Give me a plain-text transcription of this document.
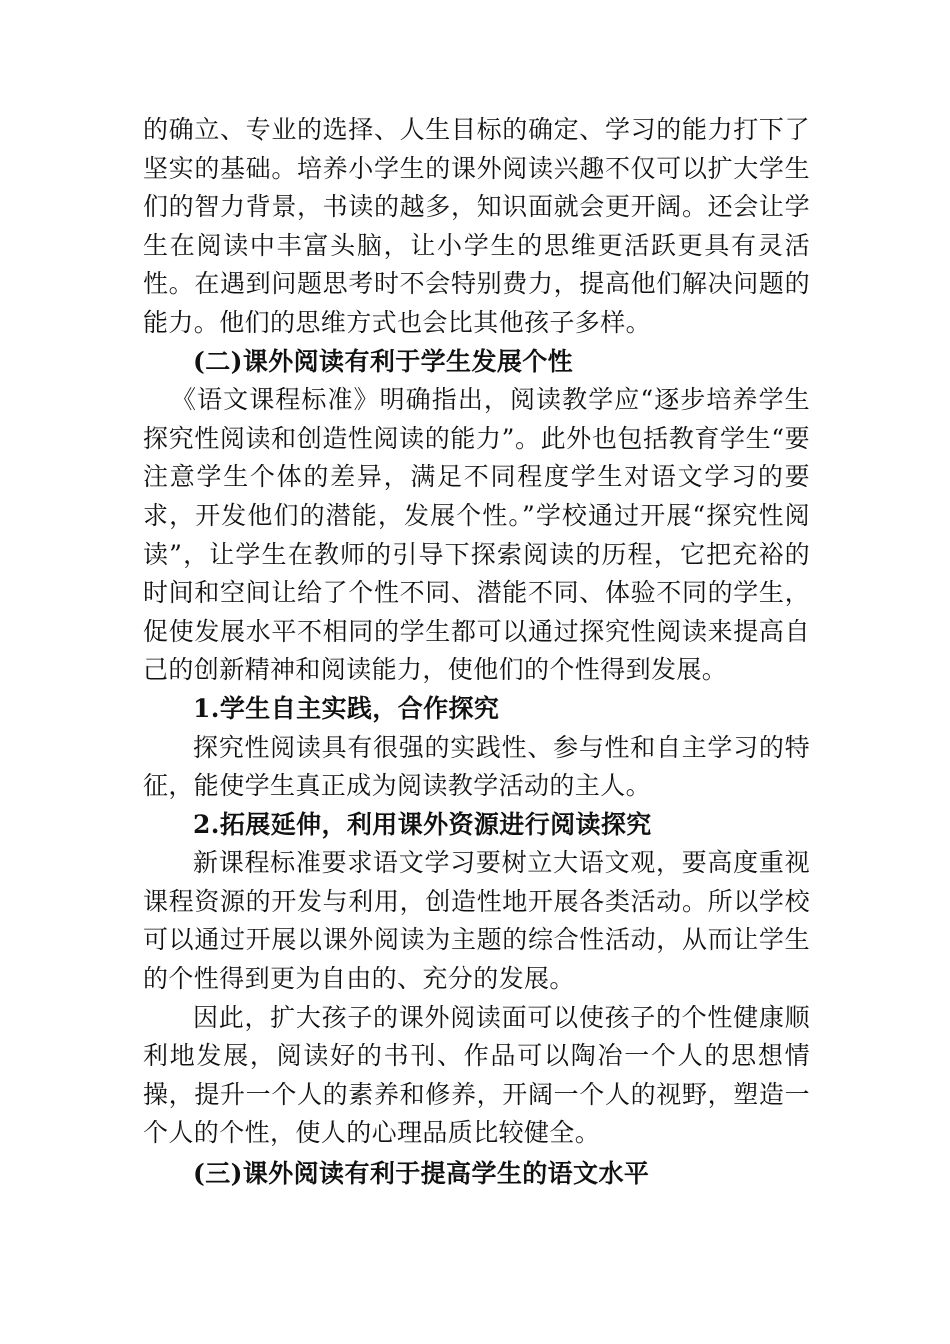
的确立、专业的选择、人生目标的确定、学习的能力打下了坚实的基础。培养小学生的课外阅读兴趣不仅可以扩大学生们的智力背景，书读的越多，知识面就会更开阔。还会让学生在阅读中丰富头脑，让小学生的思维更活跃更具有灵活性。在遇到问题思考时不会特别费力，提高他们解决问题的能力。他们的思维方式也会比其他孩子多样。

(二)课外阅读有利于学生发展个性

《语文课程标准》明确指出，阅读教学应“逐步培养学生探究性阅读和创造性阅读的能力”。此外也包括教育学生“要注意学生个体的差异，满足不同程度学生对语文学习的要求，开发他们的潜能，发展个性。”学校通过开展“探究性阅读”，让学生在教师的引导下探索阅读的历程，它把充裕的时间和空间让给了个性不同、潜能不同、体验不同的学生，促使发展水平不相同的学生都可以通过探究性阅读来提高自己的创新精神和阅读能力，使他们的个性得到发展。

1.学生自主实践，合作探究

探究性阅读具有很强的实践性、参与性和自主学习的特征，能使学生真正成为阅读教学活动的主人。

2.拓展延伸，利用课外资源进行阅读探究

新课程标准要求语文学习要树立大语文观，要高度重视课程资源的开发与利用，创造性地开展各类活动。所以学校可以通过开展以课外阅读为主题的综合性活动，从而让学生的个性得到更为自由的、充分的发展。

因此，扩大孩子的课外阅读面可以使孩子的个性健康顺利地发展，阅读好的书刊、作品可以陶冶一个人的思想情操，提升一个人的素养和修养，开阔一个人的视野，塑造一个人的个性，使人的心理品质比较健全。

(三)课外阅读有利于提高学生的语文水平
